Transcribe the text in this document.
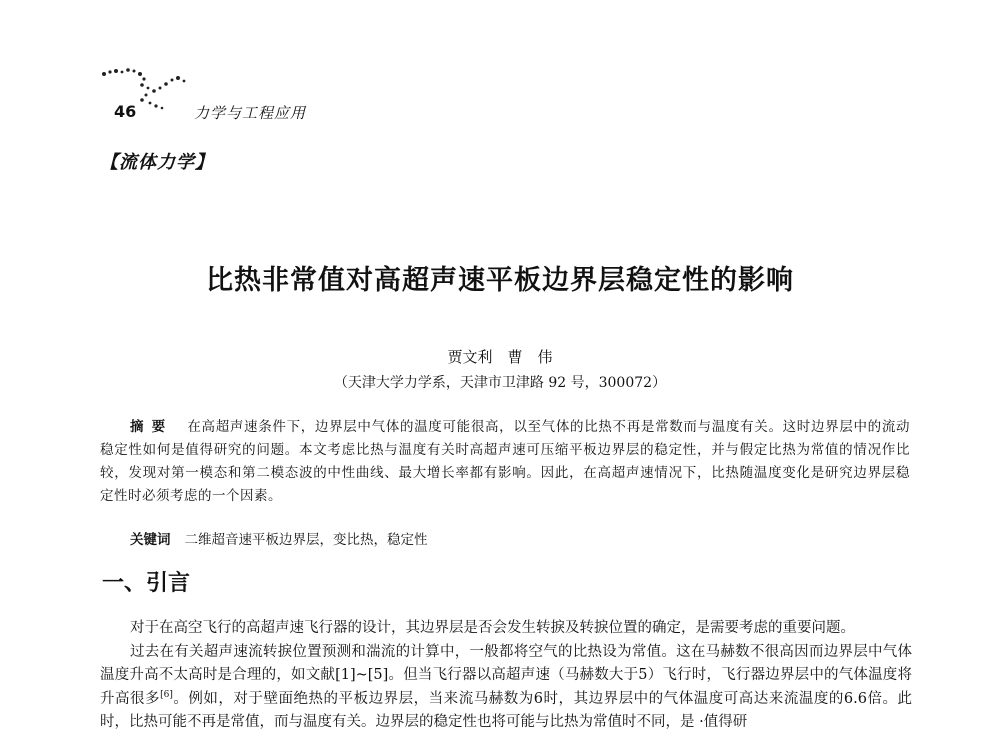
46	力学与工程应用
【流体力学】
比热非常值对高超声速平板边界层稳定性的影响
贾文利　曹　伟
（天津大学力学系，天津市卫津路 92 号，300072）
摘要 在高超声速条件下，边界层中气体的温度可能很高，以至气体的比热不再是常数而与温度有关。这时边界层中的流动稳定性如何是值得研究的问题。本文考虑比热与温度有关时高超声速可压缩平板边界层的稳定性，并与假定比热为常值的情况作比较，发现对第一模态和第二模态波的中性曲线、最大增长率都有影响。因此，在高超声速情况下，比热随温度变化是研究边界层稳定性时必须考虑的一个因素。
关键词 二维超音速平板边界层，变比热，稳定性
一、引言

对于在高空飞行的高超声速飞行器的设计，其边界层是否会发生转捩及转捩位置的确定，是需要考虑的重要问题。

过去在有关超声速流转捩位置预测和湍流的计算中，一般都将空气的比热设为常值。这在马赫数不很高因而边界层中气体温度升高不太高时是合理的，如文献[1]~[5]。但当飞行器以高超声速（马赫数大于5）飞行时，飞行器边界层中的气体温度将升高很多[6]。例如，对于壁面绝热的平板边界层，当来流马赫数为6时，其边界层中的气体温度可高达来流温度的6.6倍。此时，比热可能不再是常值，而与温度有关。边界层的稳定性也将可能与比热为常值时不同，是 ·值得研
